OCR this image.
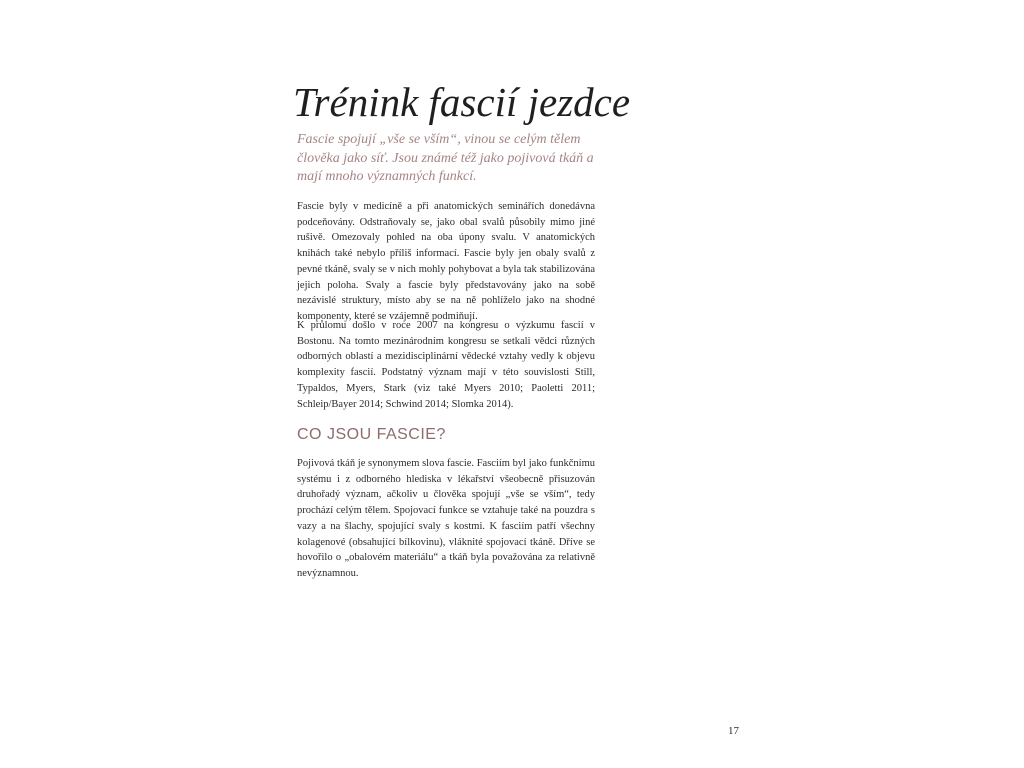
Trénink fascií jezdce

Fascie spojují „vše se vším“, vinou se celým tělem člověka jako síť. Jsou známé též jako pojivová tkáň a mají mnoho významných funkcí.

Fascie byly v medicíně a při anatomických seminářích donedávna podceňovány. Odstraňovaly se, jako obal svalů působily mimo jiné rušivě. Omezovaly pohled na oba úpony svalu. V anatomických knihách také nebylo příliš informací. Fascie byly jen obaly svalů z pevné tkáně, svaly se v nich mohly pohybovat a byla tak stabilizována jejich poloha. Svaly a fascie byly představovány jako na sobě nezávislé struktury, místo aby se na ně pohlíželo jako na shodné komponenty, které se vzájemně podmiňují.

K průlomu došlo v roce 2007 na kongresu o výzkumu fascií v Bostonu. Na tomto mezinárodním kongresu se setkali vědci různých odborných oblastí a mezidisciplinární vědecké vztahy vedly k objevu komplexity fascií. Podstatný význam mají v této souvislosti Still, Typaldos, Myers, Stark (viz také Myers 2010; Paoletti 2011; Schleip/Bayer 2014; Schwind 2014; Slomka 2014).

CO JSOU FASCIE?

Pojivová tkáň je synonymem slova fascie. Fasciím byl jako funkčnímu systému i z odborného hlediska v lékařství všeobecně přisuzován druhořadý význam, ačkoliv u člověka spojují „vše se vším“, tedy prochází celým tělem. Spojovací funkce se vztahuje také na pouzdra s vazy a na šlachy, spojující svaly s kostmi. K fasciím patří všechny kolagenové (obsahující bílkovinu), vláknité spojovací tkáně. Dříve se hovořilo o „obalovém materiálu“ a tkáň byla považována za relativně nevýznamnou.

17
